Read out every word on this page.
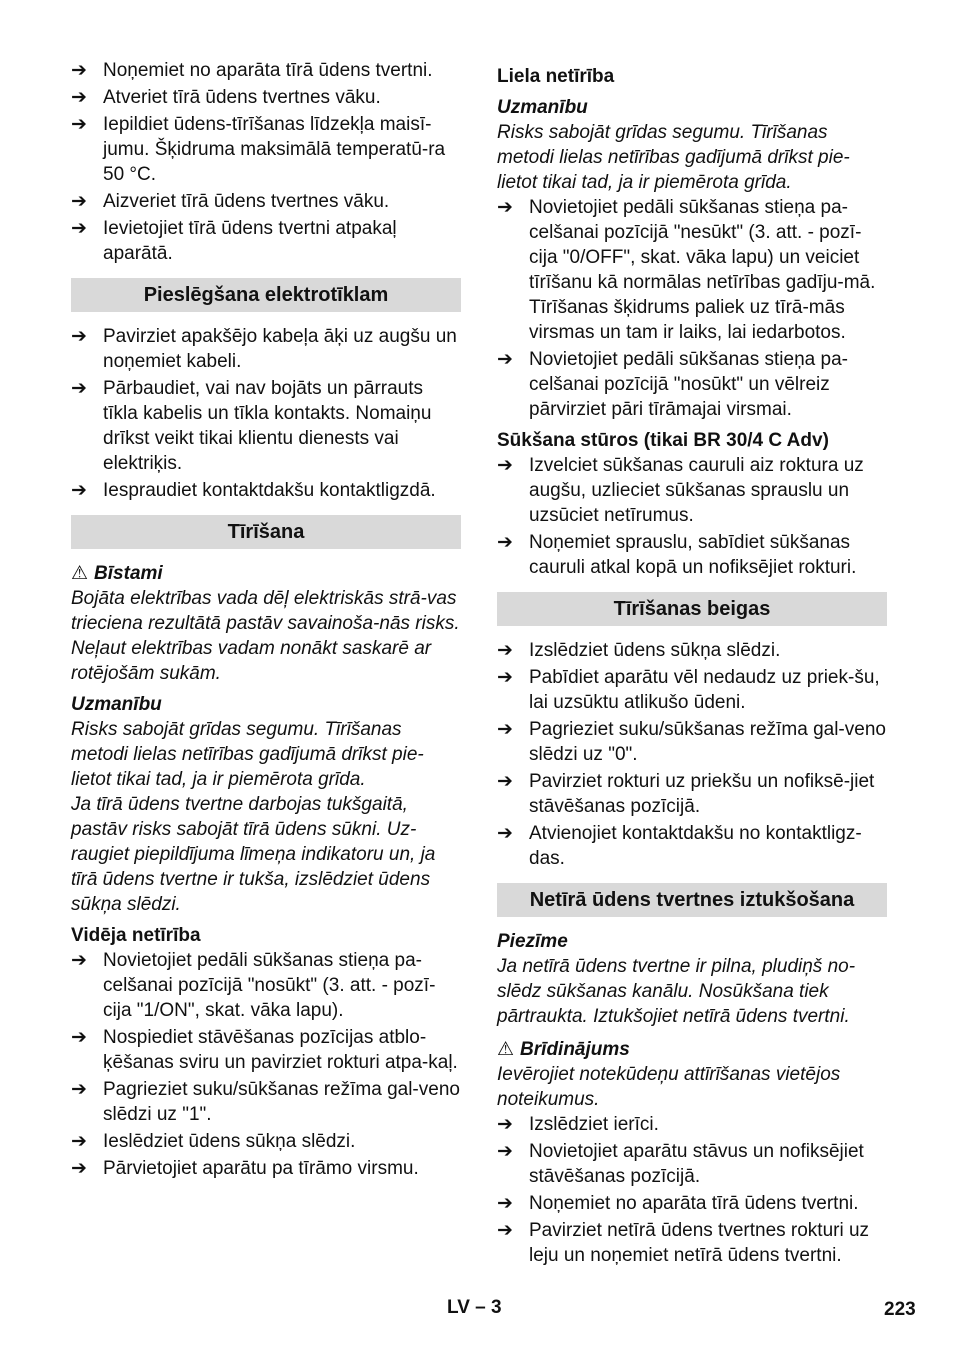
➔ Noņemiet no aparāta tīrā ūdens tvertni.
➔ Atveriet tīrā ūdens tvertnes vāku.
➔ Iepildiet ūdens-tīrīšanas līdzekļa maisī-jumu. Šķidruma maksimālā temperatū-ra 50 °C.
➔ Aizveriet tīrā ūdens tvertnes vāku.
➔ Ievietojiet tīrā ūdens tvertni atpakaļ aparātā.
Pieslēgšana elektrotīklam
➔ Pavirziet apakšējo kabeļa āķi uz augšu un noņemiet kabeli.
➔ Pārbaudiet, vai nav bojāts un pārrauts tīkla kabelis un tīkla kontakts. Nomaiņu drīkst veikt tikai klientu dienests vai elektriķis.
➔ Iespraudiet kontaktdakšu kontaktligzdā.
Tīrīšana
⚠ Bīstami
Bojāta elektrības vada dēļ elektriskās strā-vas trieciena rezultātā pastāv savainoša-nās risks. Neļaut elektrības vadam nonākt saskarē ar rotējošām sukām.
Uzmanību
Risks sabojāt grīdas segumu. Tīrīšanas metodi lielas netīrības gadījumā drīkst pie-lietot tikai tad, ja ir piemērota grīda.
Ja tīrā ūdens tvertne darbojas tukšgaitā, pastāv risks sabojāt tīrā ūdens sūkni. Uz-raugiet piepildījuma līmeņa indikatoru un, ja tīrā ūdens tvertne ir tukša, izslēdziet ūdens sūkņa slēdzi.
Vidēja netīrība
➔ Novietojiet pedāli sūkšanas stieņa pa-celšanai pozīcijā "nosūkt" (3. att. - pozī-cija "1/ON", skat. vāka lapu).
➔ Nospiediet stāvēšanas pozīcijas atblo-ķēšanas sviru un pavirziet rokturi atpa-kaļ.
➔ Pagrieziet suku/sūkšanas režīma gal-veno slēdzi uz "1".
➔ Ieslēdziet ūdens sūkņa slēdzi.
➔ Pārvietojiet aparātu pa tīrāmo virsmu.
Liela netīrība
Uzmanību
Risks sabojāt grīdas segumu. Tīrīšanas metodi lielas netīrības gadījumā drīkst pie-lietot tikai tad, ja ir piemērota grīda.
➔ Novietojiet pedāli sūkšanas stieņa pa-celšanai pozīcijā "nesūkt" (3. att. - pozī-cija "0/OFF", skat. vāka lapu) un veiciet tīrīšanu kā normālas netīrības gadīju-mā. Tīrīšanas šķidrums paliek uz tīrā-mās virsmas un tam ir laiks, lai iedarbotos.
➔ Novietojiet pedāli sūkšanas stieņa pa-celšanai pozīcijā "nosūkt" un vēlreiz pārvirziet pāri tīrāmajai virsmai.
Sūkšana stūros (tikai BR 30/4 C Adv)
➔ Izvelciet sūkšanas cauruli aiz roktura uz augšu, uzlieciet sūkšanas sprauslu un uzsūciet netīrumus.
➔ Noņemiet sprauslu, sabīdiet sūkšanas cauruli atkal kopā un nofiksējiet rokturi.
Tīrīšanas beigas
➔ Izslēdziet ūdens sūkņa slēdzi.
➔ Pabīdiet aparātu vēl nedaudz uz priek-šu, lai uzsūktu atlikušo ūdeni.
➔ Pagrieziet suku/sūkšanas režīma gal-veno slēdzi uz "0".
➔ Pavirziet rokturi uz priekšu un nofiksē-jiet stāvēšanas pozīcijā.
➔ Atvienojiet kontaktdakšu no kontaktligz-das.
Netīrā ūdens tvertnes iztukšošana
Piezīme
Ja netīrā ūdens tvertne ir pilna, pludiņš no-slēdz sūkšanas kanālu. Nosūkšana tiek pārtraukta. Iztukšojiet netīrā ūdens tvertni.
⚠ Brīdinājums
Ievērojiet notekūdeņu attīrīšanas vietējos noteikumus.
➔ Izslēdziet ierīci.
➔ Novietojiet aparātu stāvus un nofiksējiet stāvēšanas pozīcijā.
➔ Noņemiet no aparāta tīrā ūdens tvertni.
➔ Pavirziet netīrā ūdens tvertnes rokturi uz leju un noņemiet netīrā ūdens tvertni.
LV – 3	223
